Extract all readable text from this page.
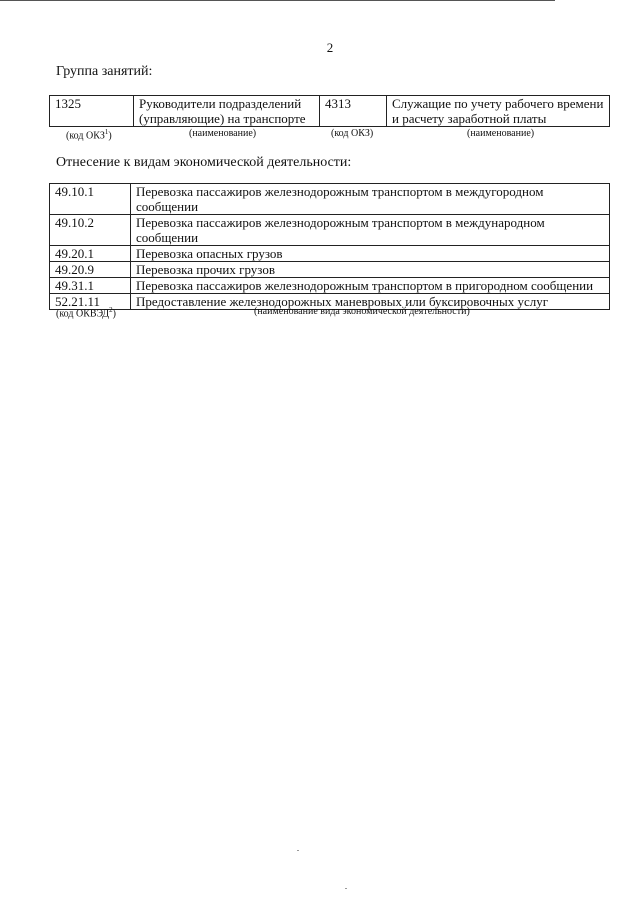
2
Группа занятий:
1325	Руководители подразделений (управляющие) на транспорте	4313	Служащие по учету рабочего времени и расчету заработной платы
(код ОКЗ$^1$)	(наименование)	(код ОКЗ)	(наименование)
Отнесение к видам экономической деятельности:
49.10.1	Перевозка пассажиров железнодорожным транспортом в междугородном сообщении
49.10.2	Перевозка пассажиров железнодорожным транспортом в международном сообщении
49.20.1	Перевозка опасных грузов
49.20.9	Перевозка прочих грузов
49.31.1	Перевозка пассажиров железнодорожным транспортом в пригородном сообщении
52.21.11	Предоставление железнодорожных маневровых или буксировочных услуг
(код ОКВЭД$^2$)	(наименование вида экономической деятельности)
